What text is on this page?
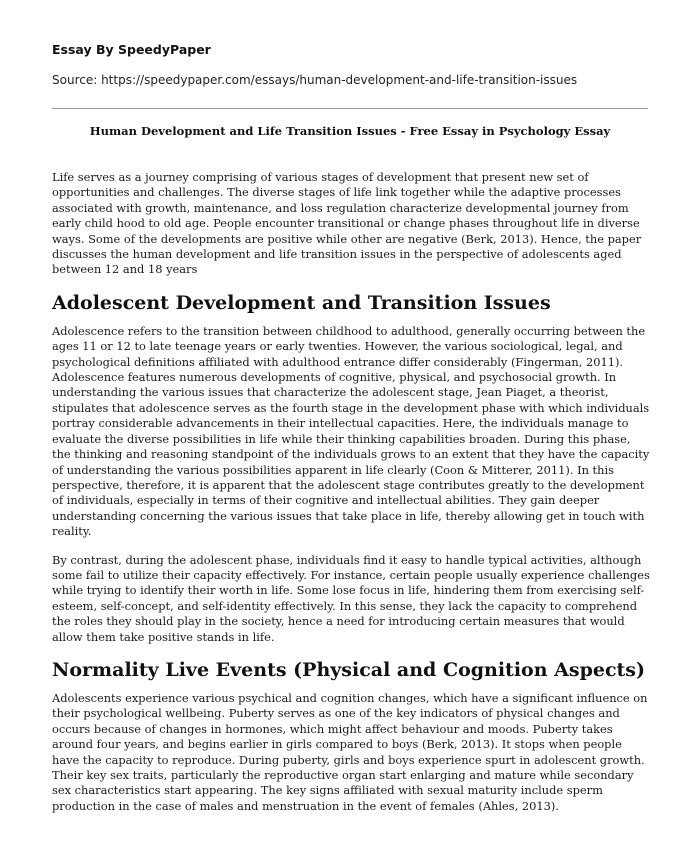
Essay By SpeedyPaper
Source: https://speedypaper.com/essays/human-development-and-life-transition-issues
Human Development and Life Transition Issues - Free Essay in Psychology Essay

Life serves as a journey comprising of various stages of development that present new set of opportunities and challenges. The diverse stages of life link together while the adaptive processes associated with growth, maintenance, and loss regulation characterize developmental journey from early child hood to old age. People encounter transitional or change phases throughout life in diverse ways. Some of the developments are positive while other are negative (Berk, 2013). Hence, the paper discusses the human development and life transition issues in the perspective of adolescents aged between 12 and 18 years

Adolescent Development and Transition Issues

Adolescence refers to the transition between childhood to adulthood, generally occurring between the ages 11 or 12 to late teenage years or early twenties. However, the various sociological, legal, and psychological definitions affiliated with adulthood entrance differ considerably (Fingerman, 2011). Adolescence features numerous developments of cognitive, physical, and psychosocial growth. In understanding the various issues that characterize the adolescent stage, Jean Piaget, a theorist, stipulates that adolescence serves as the fourth stage in the development phase with which individuals portray considerable advancements in their intellectual capacities. Here, the individuals manage to evaluate the diverse possibilities in life while their thinking capabilities broaden. During this phase, the thinking and reasoning standpoint of the individuals grows to an extent that they have the capacity of understanding the various possibilities apparent in life clearly (Coon & Mitterer, 2011). In this perspective, therefore, it is apparent that the adolescent stage contributes greatly to the development of individuals, especially in terms of their cognitive and intellectual abilities. They gain deeper understanding concerning the various issues that take place in life, thereby allowing get in touch with reality.

By contrast, during the adolescent phase, individuals find it easy to handle typical activities, although some fail to utilize their capacity effectively. For instance, certain people usually experience challenges while trying to identify their worth in life. Some lose focus in life, hindering them from exercising self-esteem, self-concept, and self-identity effectively. In this sense, they lack the capacity to comprehend the roles they should play in the society, hence a need for introducing certain measures that would allow them take positive stands in life.

Normality Live Events (Physical and Cognition Aspects)

Adolescents experience various psychical and cognition changes, which have a significant influence on their psychological wellbeing. Puberty serves as one of the key indicators of physical changes and occurs because of changes in hormones, which might affect behaviour and moods. Puberty takes around four years, and begins earlier in girls compared to boys (Berk, 2013). It stops when people have the capacity to reproduce. During puberty, girls and boys experience spurt in adolescent growth. Their key sex traits, particularly the reproductive organ start enlarging and mature while secondary sex characteristics start appearing. The key signs affiliated with sexual maturity include sperm production in the case of males and menstruation in the event of females (Ahles, 2013).
